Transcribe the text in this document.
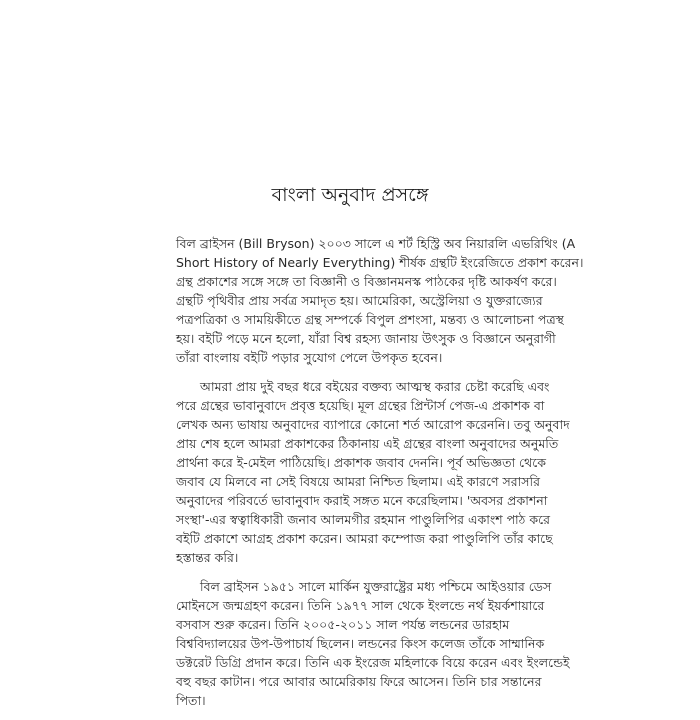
বাংলা অনুবাদ প্রসঙ্গে
বিল ব্রাইসন (Bill Bryson) ২০০৩ সালে এ শর্ট হিস্ট্রি অব নিয়ারলি এভরিথিং (A
Short History of Nearly Everything) শীর্ষক গ্রন্থটি ইংরেজিতে প্রকাশ করেন।
গ্রন্থ প্রকাশের সঙ্গে সঙ্গে তা বিজ্ঞানী ও বিজ্ঞানমনস্ক পাঠকের দৃষ্টি আকর্ষণ করে।
গ্রন্থটি পৃথিবীর প্রায় সর্বত্র সমাদৃত হয়। আমেরিকা, অস্ট্রেলিয়া ও যুক্তরাজ্যের
পত্রপত্রিকা ও সাময়িকীতে গ্রন্থ সম্পর্কে বিপুল প্রশংসা, মন্তব্য ও আলোচনা পত্রস্থ
হয়। বইটি পড়ে মনে হলো, যাঁরা বিশ্ব রহস্য জানায় উৎসুক ও বিজ্ঞানে অনুরাগী
তাঁরা বাংলায় বইটি পড়ার সুযোগ পেলে উপকৃত হবেন।
আমরা প্রায় দুই বছর ধরে বইয়ের বক্তব্য আত্মস্থ করার চেষ্টা করেছি এবং
পরে গ্রন্থের ভাবানুবাদে প্রবৃত্ত হয়েছি। মূল গ্রন্থের প্রিন্টার্স পেজ-এ প্রকাশক বা
লেখক অন্য ভাষায় অনুবাদের ব্যাপারে কোনো শর্ত আরোপ করেননি। তবু অনুবাদ
প্রায় শেষ হলে আমরা প্রকাশকের ঠিকানায় এই গ্রন্থের বাংলা অনুবাদের অনুমতি
প্রার্থনা করে ই-মেইল পাঠিয়েছি। প্রকাশক জবাব দেননি। পূর্ব অভিজ্ঞতা থেকে
জবাব যে মিলবে না সেই বিষয়ে আমরা নিশ্চিত ছিলাম। এই কারণে সরাসরি
অনুবাদের পরিবর্তে ভাবানুবাদ করাই সঙ্গত মনে করেছিলাম। 'অবসর প্রকাশনা
সংস্থা'-এর স্বত্বাধিকারী জনাব আলমগীর রহমান পাণ্ডুলিপির একাংশ পাঠ করে
বইটি প্রকাশে আগ্রহ প্রকাশ করেন। আমরা কম্পোজ করা পাণ্ডুলিপি তাঁর কাছে
হস্তান্তর করি।
বিল ব্রাইসন ১৯৫১ সালে মার্কিন যুক্তরাষ্ট্রের মধ্য পশ্চিমে আইওয়ার ডেস
মোইনসে জন্মগ্রহণ করেন। তিনি ১৯৭৭ সাল থেকে ইংলন্ডে নর্থ ইয়র্কশায়ারে
বসবাস শুরু করেন। তিনি ২০০৫-২০১১ সাল পর্যন্ত লন্ডনের ডারহাম
বিশ্ববিদ্যালয়ের উপ-উপাচার্য ছিলেন। লন্ডনের কিংস কলেজ তাঁকে সাম্মানিক
ডক্টরেট ডিগ্রি প্রদান করে। তিনি এক ইংরেজ মহিলাকে বিয়ে করেন এবং ইংলন্ডেই
বহু বছর কাটান। পরে আবার আমেরিকায় ফিরে আসেন। তিনি চার সন্তানের
পিতা।
